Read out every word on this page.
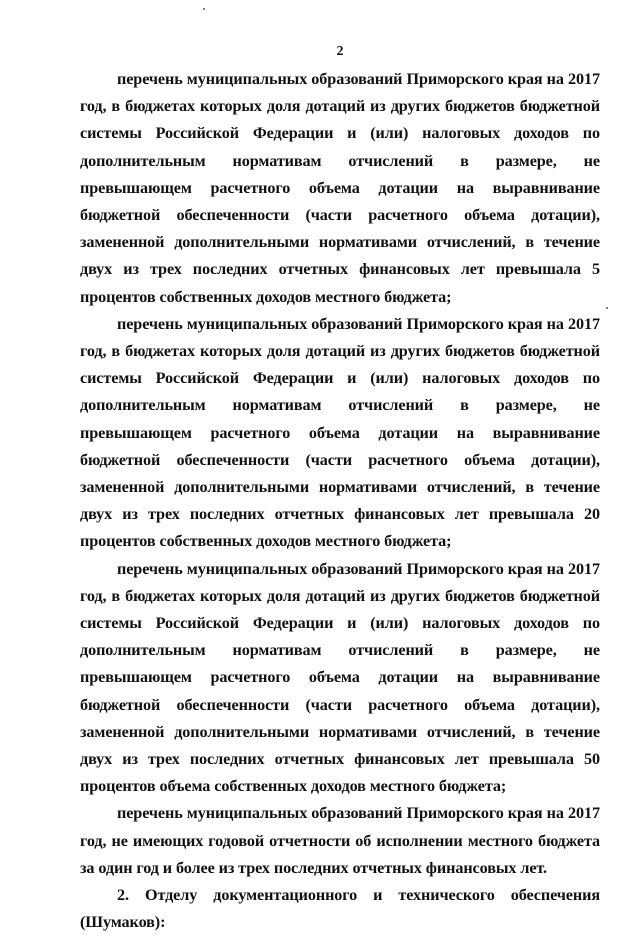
2

перечень муниципальных образований Приморского края на 2017 год, в бюджетах которых доля дотаций из других бюджетов бюджетной системы Российской Федерации и (или) налоговых доходов по дополнительным нормативам отчислений в размере, не превышающем расчетного объема дотации на выравнивание бюджетной обеспеченности (части расчетного объема дотации), замененной дополнительными нормативами отчислений, в течение двух из трех последних отчетных финансовых лет превышала 5 процентов собственных доходов местного бюджета;

перечень муниципальных образований Приморского края на 2017 год, в бюджетах которых доля дотаций из других бюджетов бюджетной системы Российской Федерации и (или) налоговых доходов по дополнительным нормативам отчислений в размере, не превышающем расчетного объема дотации на выравнивание бюджетной обеспеченности (части расчетного объема дотации), замененной дополнительными нормативами отчислений, в течение двух из трех последних отчетных финансовых лет превышала 20 процентов собственных доходов местного бюджета;

перечень муниципальных образований Приморского края на 2017 год, в бюджетах которых доля дотаций из других бюджетов бюджетной системы Российской Федерации и (или) налоговых доходов по дополнительным нормативам отчислений в размере, не превышающем расчетного объема дотации на выравнивание бюджетной обеспеченности (части расчетного объема дотации), замененной дополнительными нормативами отчислений, в течение двух из трех последних отчетных финансовых лет превышала 50 процентов объема собственных доходов местного бюджета;

перечень муниципальных образований Приморского края на 2017 год, не имеющих годовой отчетности об исполнении местного бюджета за один год и более из трех последних отчетных финансовых лет.

2. Отделу документационного и технического обеспечения (Шумаков):
